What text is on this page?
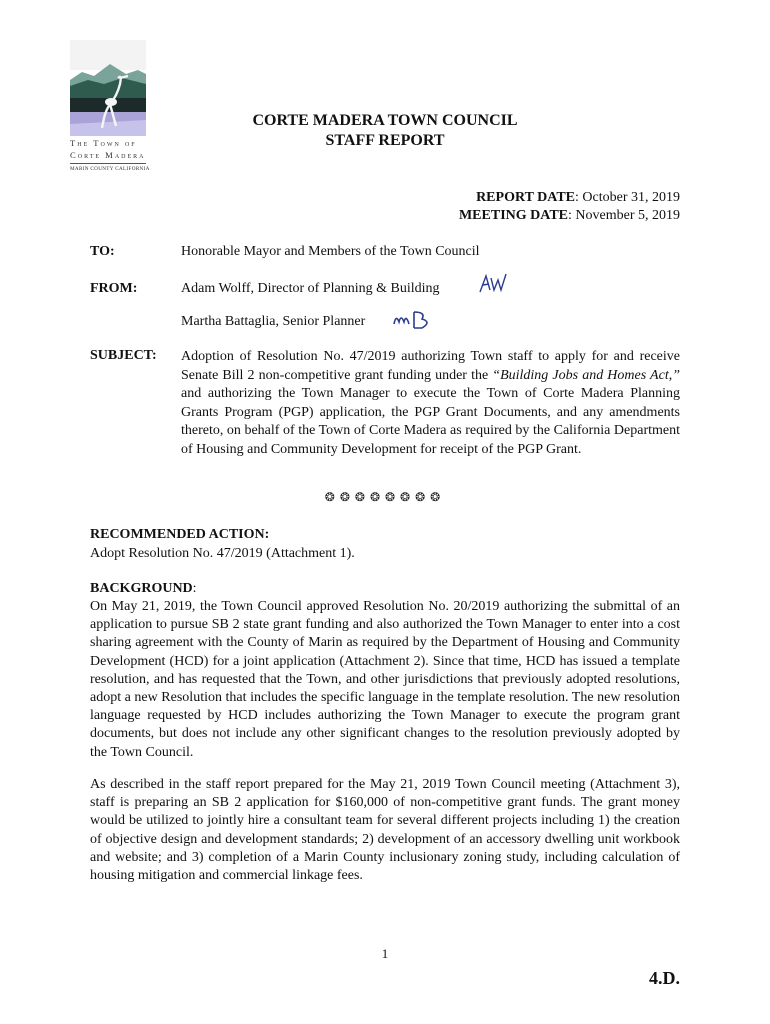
The Town of
Corte Madera
MARIN COUNTY CALIFORNIA
CORTE MADERA TOWN COUNCIL
STAFF REPORT
REPORT DATE: October 31, 2019
MEETING DATE: November 5, 2019
TO:	Honorable Mayor and Members of the Town Council
FROM:	Adam Wolff, Director of Planning & Building
Martha Battaglia, Senior Planner
SUBJECT: Adoption of Resolution No. 47/2019 authorizing Town staff to apply for and receive Senate Bill 2 non-competitive grant funding under the “Building Jobs and Homes Act,” and authorizing the Town Manager to execute the Town of Corte Madera Planning Grants Program (PGP) application, the PGP Grant Documents, and any amendments thereto, on behalf of the Town of Corte Madera as required by the California Department of Housing and Community Development for receipt of the PGP Grant.
❂❂❂❂❂❂❂❂
RECOMMENDED ACTION:
Adopt Resolution No. 47/2019 (Attachment 1).
BACKGROUND:
On May 21, 2019, the Town Council approved Resolution No. 20/2019 authorizing the submittal of an application to pursue SB 2 state grant funding and also authorized the Town Manager to enter into a cost sharing agreement with the County of Marin as required by the Department of Housing and Community Development (HCD) for a joint application (Attachment 2). Since that time, HCD has issued a template resolution, and has requested that the Town, and other jurisdictions that previously adopted resolutions, adopt a new Resolution that includes the specific language in the template resolution. The new resolution language requested by HCD includes authorizing the Town Manager to execute the program grant documents, but does not include any other significant changes to the resolution previously adopted by the Town Council.
As described in the staff report prepared for the May 21, 2019 Town Council meeting (Attachment 3), staff is preparing an SB 2 application for $160,000 of non-competitive grant funds. The grant money would be utilized to jointly hire a consultant team for several different projects including 1) the creation of objective design and development standards; 2) development of an accessory dwelling unit workbook and website; and 3) completion of a Marin County inclusionary zoning study, including calculation of housing mitigation and commercial linkage fees.
1
4.D.
